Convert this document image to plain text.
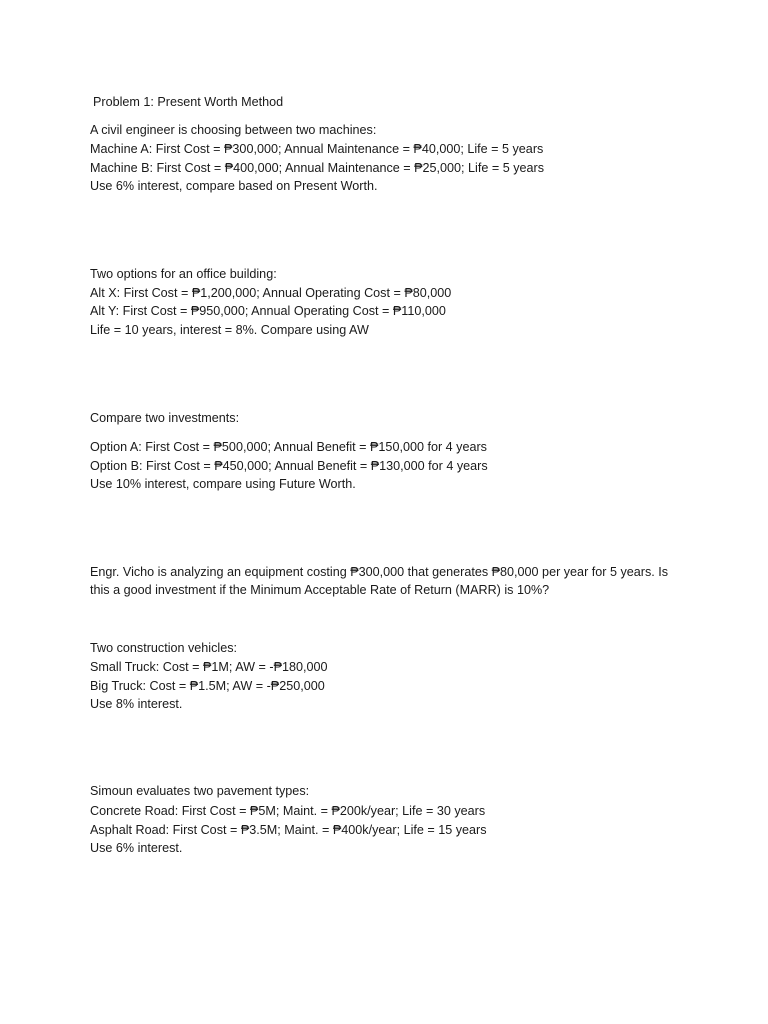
Problem 1: Present Worth Method
A civil engineer is choosing between two machines:
Machine A: First Cost = ₱300,000; Annual Maintenance = ₱40,000; Life = 5 years
Machine B: First Cost = ₱400,000; Annual Maintenance = ₱25,000; Life = 5 years
Use 6% interest, compare based on Present Worth.
Two options for an office building:
Alt X: First Cost = ₱1,200,000; Annual Operating Cost = ₱80,000
Alt Y: First Cost = ₱950,000; Annual Operating Cost = ₱110,000
Life = 10 years, interest = 8%. Compare using AW
Compare two investments:
Option A: First Cost = ₱500,000; Annual Benefit = ₱150,000 for 4 years
Option B: First Cost = ₱450,000; Annual Benefit = ₱130,000 for 4 years
Use 10% interest, compare using Future Worth.
Engr. Vicho is analyzing an equipment costing ₱300,000 that generates ₱80,000 per year for 5 years. Is
this a good investment if the Minimum Acceptable Rate of Return (MARR) is 10%?
Two construction vehicles:
Small Truck: Cost = ₱1M; AW = -₱180,000
Big Truck: Cost = ₱1.5M; AW = -₱250,000
Use 8% interest.
Simoun evaluates two pavement types:
Concrete Road: First Cost = ₱5M; Maint. = ₱200k/year; Life = 30 years
Asphalt Road: First Cost = ₱3.5M; Maint. = ₱400k/year; Life = 15 years
Use 6% interest.
